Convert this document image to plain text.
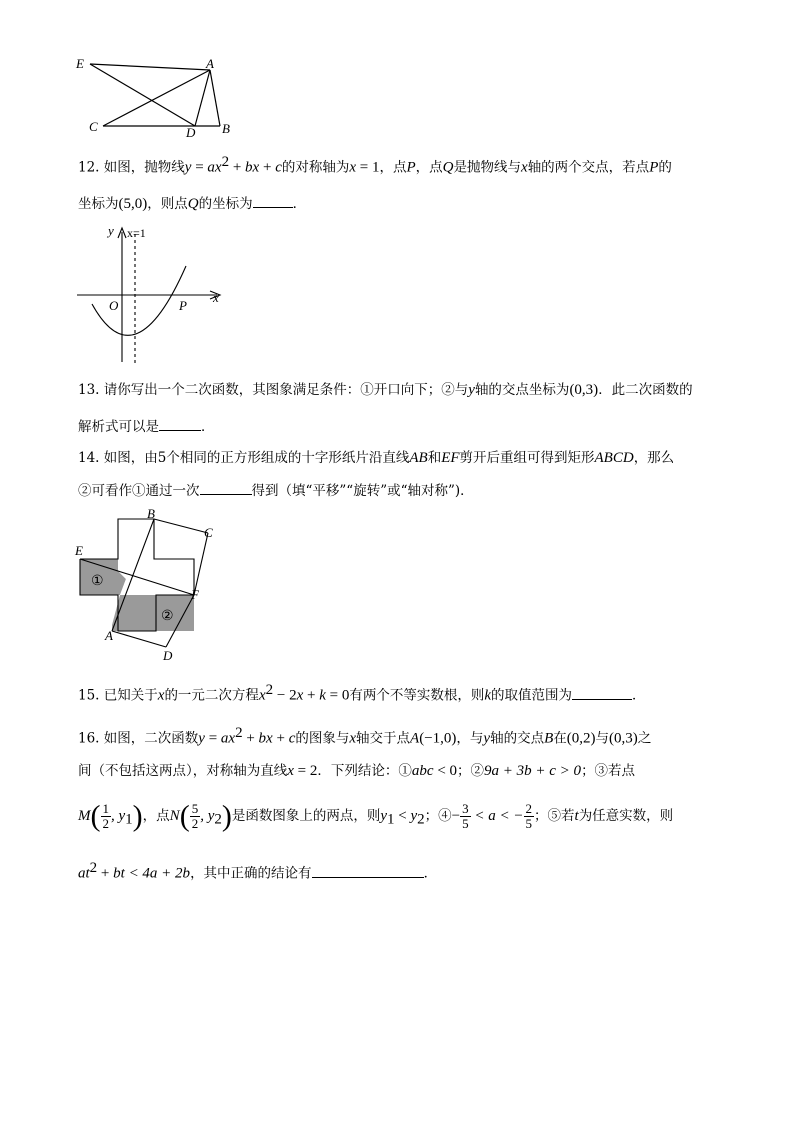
E	A
C	D B
12. 如图，抛物线$y = ax^2$ + bx + c的对称轴为x = 1，点P，点Q是抛物线与x轴的两个交点，若点P的
坐标为(5,0)，则点Q的坐标为	．
y x=1
O	P
x
13. 请你写出一个二次函数，其图象满足条件：①开口向下；②与y轴的交点坐标为(0,3)．此二次函数的
解析式可以是	．
14. 如图，由5个相同的正方形组成的十字形纸片沿直线AB和EF剪开后重组可得到矩形ABCD，那么
②可看作①通过一次	得到（填“平移”“旋转”或“轴对称”)．
B
C
E
F
A
D
①
②
15. 已知关于x的一元二次方程$x^2 - 2x + k = 0$有两个不等实数根，则k的取值范围为	．
16. 如图，二次函数$y = ax^2$ + bx + c的图象与x轴交于点A(−1,0)，与y轴的交点B在(0,2)与(0,3)之
间（不包括这两点），对称轴为直线x = 2．下列结论：①abc < 0；②9a + 3b + c > 0；③若点
$M( \frac{1}{2}$ , $y_1$)，点$N( \frac{5}{2}$ , $y_2$)是函数图象上的两点，则$y_1 < y_2$；④− $\frac{3}{5} < a$ < − $\frac{2}{5}$ ；⑤若t为任意实数，则
$at^2$ + bt < 4a + 2b，其中正确的结论有	．
